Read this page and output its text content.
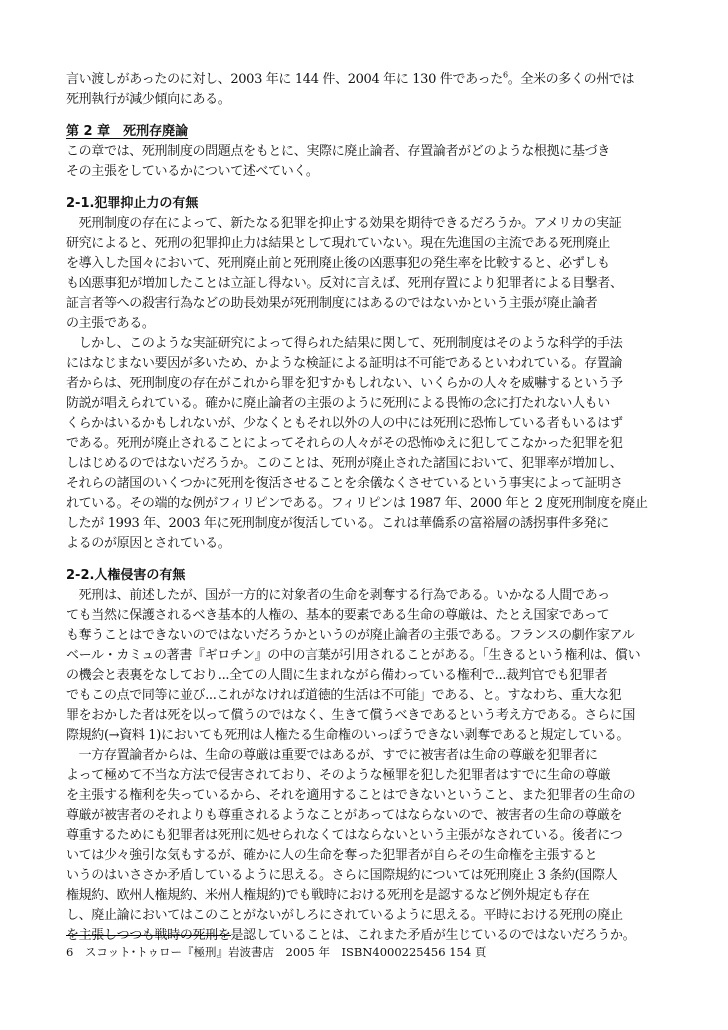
言い渡しがあったのに対し、2003 年に 144 件、2004 年に 130 件であった$^6$。全米の多くの州では
死刑執行が減少傾向にある。
第 2 章　死刑存廃論
この章では、死刑制度の問題点をもとに、実際に廃止論者、存置論者がどのような根拠に基づき
その主張をしているかについて述べていく。
2-1.犯罪抑止力の有無
　死刑制度の存在によって、新たなる犯罪を抑止する効果を期待できるだろうか。アメリカの実証
研究によると、死刑の犯罪抑止力は結果として現れていない。現在先進国の主流である死刑廃止
を導入した国々において、死刑廃止前と死刑廃止後の凶悪事犯の発生率を比較すると、必ずしも
も凶悪事犯が増加したことは立証し得ない。反対に言えば、死刑存置により犯罪者による目撃者、
証言者等への殺害行為などの助長効果が死刑制度にはあるのではないかという主張が廃止論者
の主張である。
　しかし、このような実証研究によって得られた結果に関して、死刑制度はそのような科学的手法
にはなじまない要因が多いため、かような検証による証明は不可能であるといわれている。存置論
者からは、死刑制度の存在がこれから罪を犯すかもしれない、いくらかの人々を威嚇するという予
防説が唱えられている。確かに廃止論者の主張のように死刑による畏怖の念に打たれない人もい
くらかはいるかもしれないが、少なくともそれ以外の人の中には死刑に恐怖している者もいるはず
である。死刑が廃止されることによってそれらの人々がその恐怖ゆえに犯してこなかった犯罪を犯
しはじめるのではないだろうか。このことは、死刑が廃止された諸国において、犯罪率が増加し、
それらの諸国のいくつかに死刑を復活させることを余儀なくさせているという事実によって証明さ
れている。その端的な例がフィリピンである。フィリピンは 1987 年、2000 年と 2 度死刑制度を廃止
したが 1993 年、2003 年に死刑制度が復活している。これは華僑系の富裕層の誘拐事件多発に
よるのが原因とされている。
2-2.人権侵害の有無
　死刑は、前述したが、国が一方的に対象者の生命を剥奪する行為である。いかなる人間であっ
ても当然に保護されるべき基本的人権の、基本的要素である生命の尊厳は、たとえ国家であって
も奪うことはできないのではないだろうかというのが廃止論者の主張である。フランスの劇作家アル
ベール・カミュの著書『ギロチン』の中の言葉が引用されることがある。「生きるという権利は、償い
の機会と表裏をなしており...全ての人間に生まれながら備わっている権利で...裁判官でも犯罪者
でもこの点で同等に並び...これがなければ道徳的生活は不可能」である、と。すなわち、重大な犯
罪をおかした者は死を以って償うのではなく、生きて償うべきであるという考え方である。さらに国
際規約(→資料 1)においても死刑は人権たる生命権のいっぽうできない剥奪であると規定している。
　一方存置論者からは、生命の尊厳は重要ではあるが、すでに被害者は生命の尊厳を犯罪者に
よって極めて不当な方法で侵害されており、そのような極罪を犯した犯罪者はすでに生命の尊厳
を主張する権利を失っているから、それを適用することはできないということ、また犯罪者の生命の
尊厳が被害者のそれよりも尊重されるようなことがあってはならないので、被害者の生命の尊厳を
尊重するためにも犯罪者は死刑に処せられなくてはならないという主張がなされている。後者につ
いては少々強引な気もするが、確かに人の生命を奪った犯罪者が自らその生命権を主張すると
いうのはいささか矛盾しているように思える。さらに国際規約については死刑廃止 3 条約(国際人
権規約、欧州人権規約、米州人権規約)でも戦時における死刑を是認するなど例外規定も存在
し、廃止論においてはこのことがないがしろにされているように思える。平時における死刑の廃止
を主張しつつも戦時の死刑を是認していることは、これまた矛盾が生じているのではないだろうか。
6　スコット･トゥロー『極刑』岩波書店　2005 年　ISBN4000225456 154 頁
